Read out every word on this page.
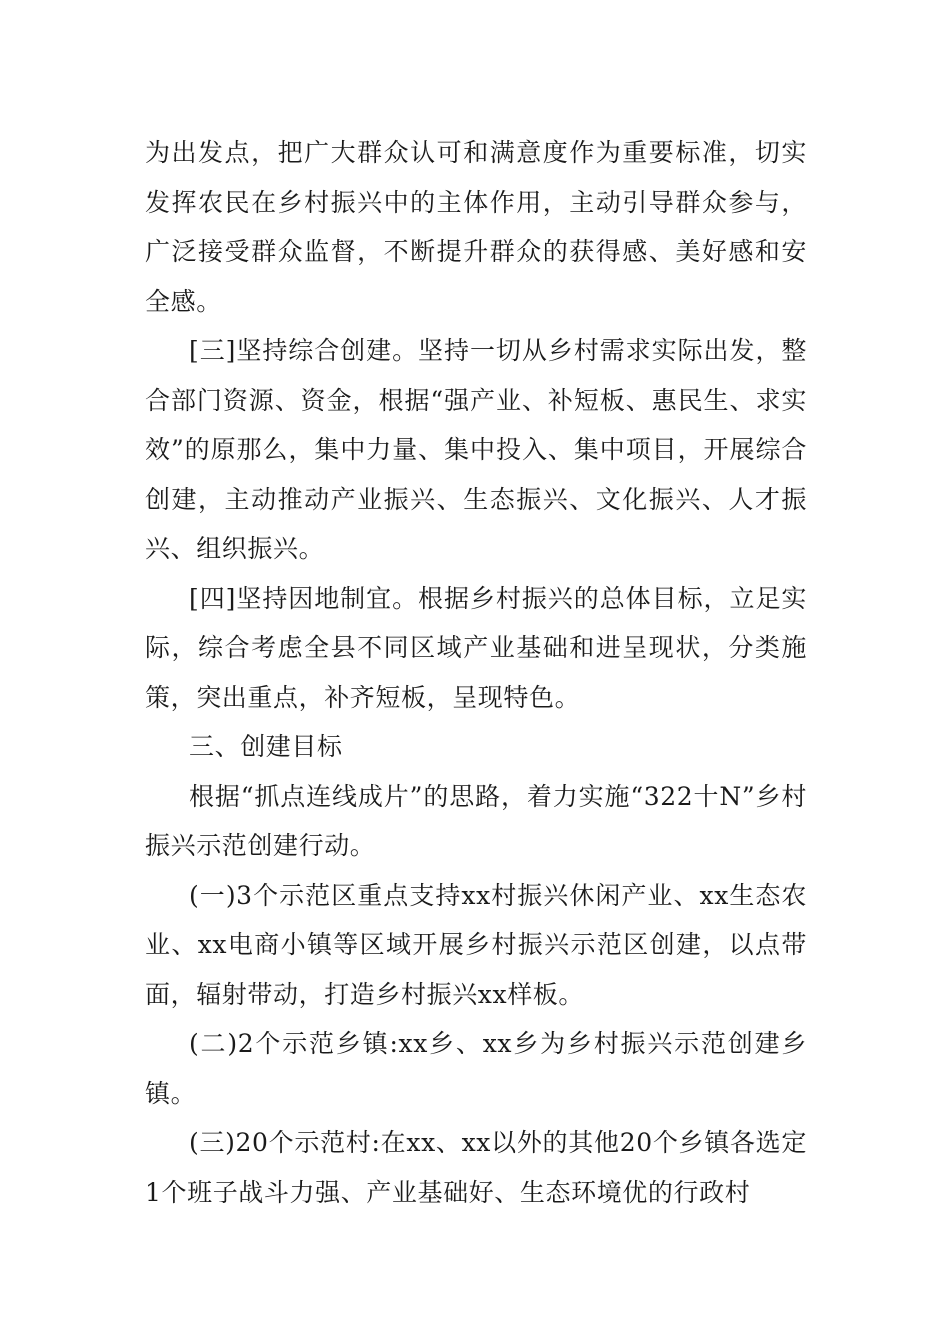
为出发点，把广大群众认可和满意度作为重要标准，切实发挥农民在乡村振兴中的主体作用，主动引导群众参与，广泛接受群众监督，不断提升群众的获得感、美好感和安全感。

[三]坚持综合创建。坚持一切从乡村需求实际出发，整合部门资源、资金，根据“强产业、补短板、惠民生、求实效”的原那么，集中力量、集中投入、集中项目，开展综合创建，主动推动产业振兴、生态振兴、文化振兴、人才振兴、组织振兴。

[四]坚持因地制宜。根据乡村振兴的总体目标，立足实际，综合考虑全县不同区域产业基础和进呈现状，分类施策，突出重点，补齐短板，呈现特色。

三、创建目标

根据“抓点连线成片”的思路，着力实施“322十N”乡村振兴示范创建行动。

(一)3个示范区重点支持xx村振兴休闲产业、xx生态农业、xx电商小镇等区域开展乡村振兴示范区创建，以点带面，辐射带动，打造乡村振兴xx样板。

(二)2个示范乡镇:xx乡、xx乡为乡村振兴示范创建乡镇。

(三)20个示范村:在xx、xx以外的其他20个乡镇各选定1个班子战斗力强、产业基础好、生态环境优的行政村
